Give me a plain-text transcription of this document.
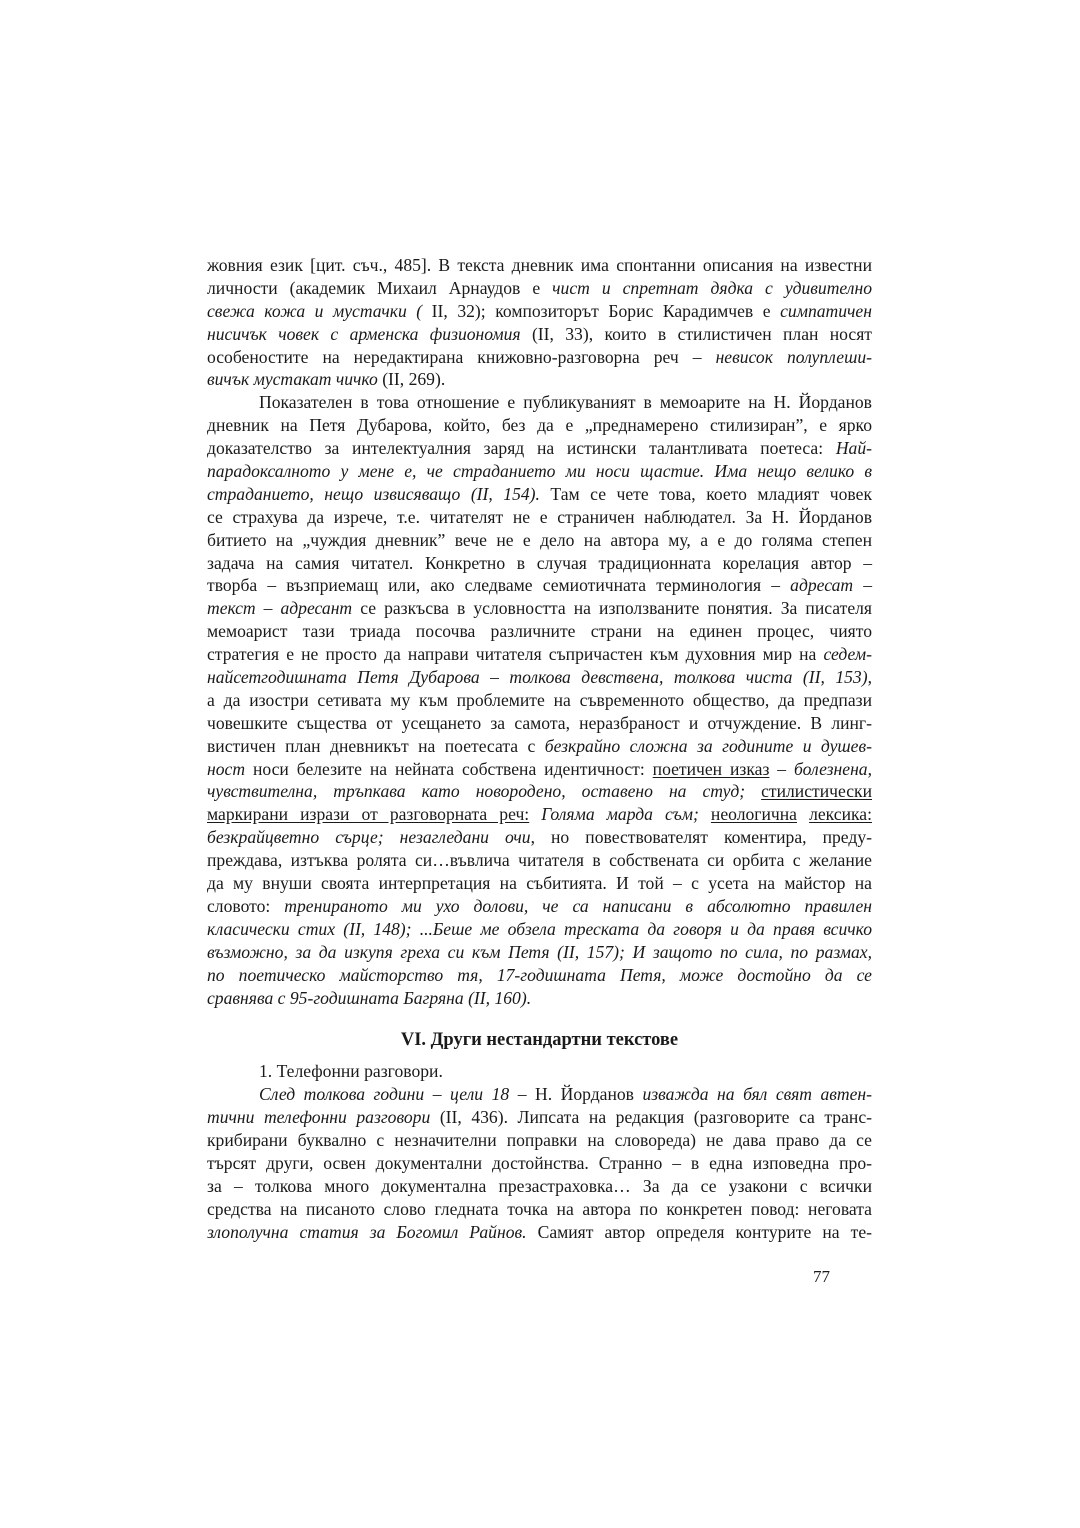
жовния език [цит. съч., 485]. В текста дневник има спонтанни описания на известни
личности (академик Михаил Арнаудов е чист и спретнат дядка с удивително
свежа кожа и мустачки ( II, 32); композиторът Борис Карадимчев е симпатичен
нисичък човек с арменска физиономия (II, 33), които в стилистичен план носят
особеностите на нередактирана книжовно-разговорна реч – невисок полуплеши-
вичък мустакат чичко (II, 269).
Показателен в това отношение е публикуваният в мемоарите на Н. Йорданов
дневник на Петя Дубарова, който, без да е „преднамерено стилизиран”, е ярко
доказателство за интелектуалния заряд на истински талантливата поетеса: Най-
парадоксалното у мене е, че страданието ми носи щастие. Има нещо велико в
страданието, нещо извисяващо (II, 154). Там се чете това, което младият човек
се страхува да изрече, т.е. читателят не е страничен наблюдател. За Н. Йорданов
битието на „чуждия дневник” вече не е дело на автора му, а е до голяма степен
задача на самия читател. Конкретно в случая традиционната корелация автор –
творба – възприемащ или, ако следваме семиотичната терминология – адресат –
текст – адресант се разкъсва в условността на използваните понятия. За писателя
мемоарист тази триада посочва различните страни на единен процес, чиято
стратегия е не просто да направи читателя съпричастен към духовния мир на седем-
найсетгодишната Петя Дубарова – толкова девствена, толкова чиста (II, 153),
а да изостри сетивата му към проблемите на съвременното общество, да предпази
човешките същества от усещането за самота, неразбраност и отчуждение. В линг-
вистичен план дневникът на поетесата с безкрайно сложна за годините и душев-
ност носи белезите на нейната собствена идентичност: поетичен изказ – болезнена,
чувствителна, тръпкава като новородено, оставено на студ; стилистически
маркирани изрази от разговорната реч: Голяма марда съм; неологична лексика:
безкрайцветно сърце; незагледани очи, но повествователят коментира, преду-
преждава, изтъква ролята си…въвлича читателя в собствената си орбита с желание
да му внуши своята интерпретация на събитията. И той – с усета на майстор на
словото: тренираното ми ухо долови, че са написани в абсолютно правилен
класически стих (II, 148); ...Беше ме обзела треската да говоря и да правя всичко
възможно, за да изкупя греха си към Петя (II, 157); И защото по сила, по размах,
по поетическо майсторство тя, 17-годишната Петя, може достойно да се
сравнява с 95-годишната Багряна (II, 160).
VI. Други нестандартни текстове
1. Телефонни разговори.
След толкова години – цели 18 – Н. Йорданов изважда на бял свят автен-
тични телефонни разговори (II, 436). Липсата на редакция (разговорите са транс-
крибирани буквално с незначителни поправки на словореда) не дава право да се
търсят други, освен документални достойнства. Странно – в една изповедна про-
за – толкова много документална презастраховка… За да се узакони с всички
средства на писаното слово гледната точка на автора по конкретен повод: неговата
злополучна статия за Богомил Райнов. Самият автор определя контурите на те-
77
